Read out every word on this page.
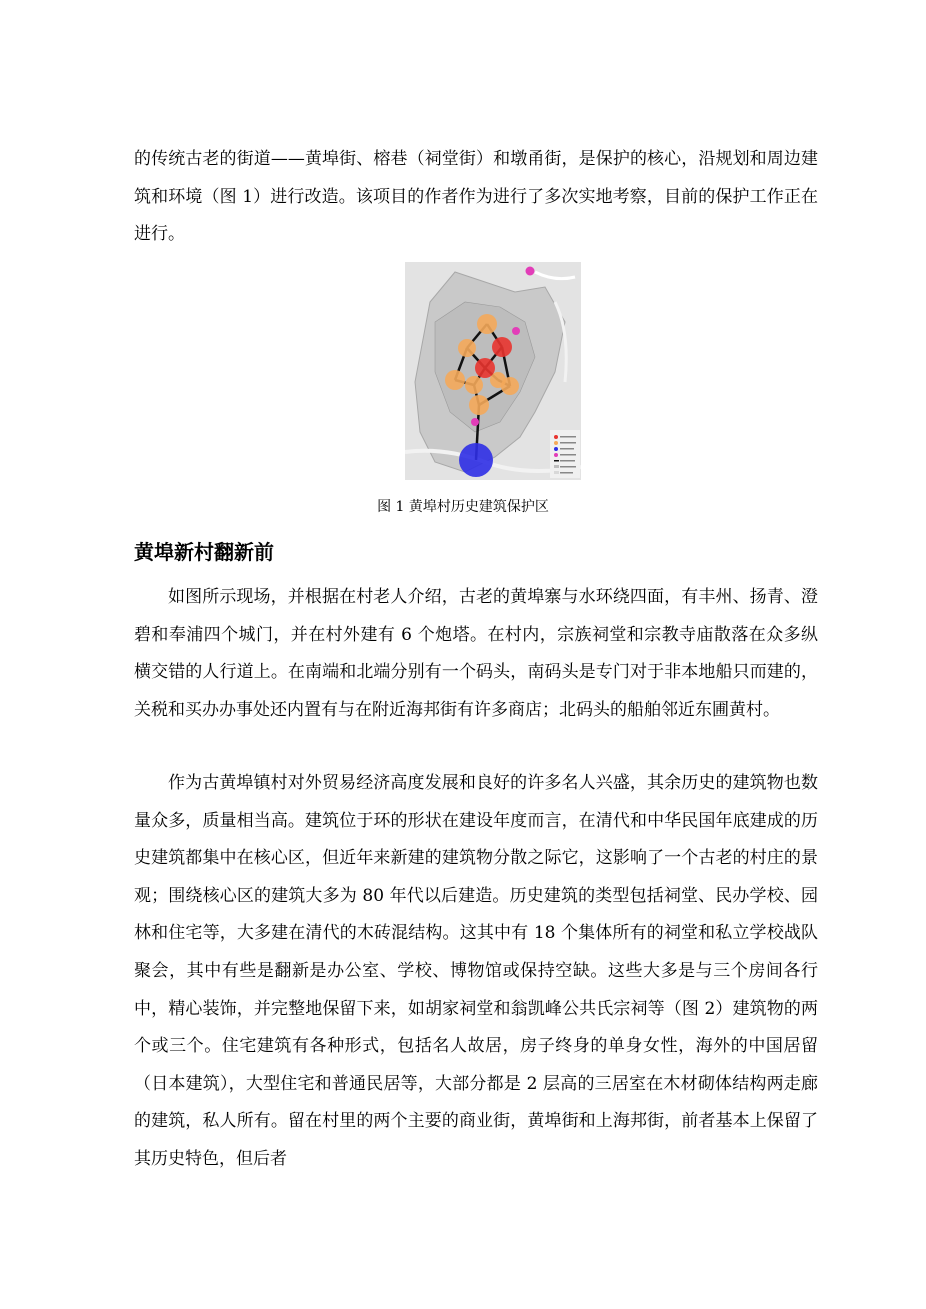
的传统古老的街道——黄埠街、榕巷（祠堂街）和墩甬街，是保护的核心，沿规划和周边建筑和环境（图 1）进行改造。该项目的作者作为进行了多次实地考察，目前的保护工作正在进行。

图 1 黄埠村历史建筑保护区
黄埠新村翻新前

如图所示现场，并根据在村老人介绍，古老的黄埠寨与水环绕四面，有丰州、扬青、澄碧和奉浦四个城门，并在村外建有 6 个炮塔。在村内，宗族祠堂和宗教寺庙散落在众多纵横交错的人行道上。在南端和北端分别有一个码头，南码头是专门对于非本地船只而建的，关税和买办办事处还内置有与在附近海邦街有许多商店；北码头的船舶邻近东圃黄村。

作为古黄埠镇村对外贸易经济高度发展和良好的许多名人兴盛，其余历史的建筑物也数量众多，质量相当高。建筑位于环的形状在建设年度而言，在清代和中华民国年底建成的历史建筑都集中在核心区，但近年来新建的建筑物分散之际它，这影响了一个古老的村庄的景观；围绕核心区的建筑大多为 80 年代以后建造。历史建筑的类型包括祠堂、民办学校、园林和住宅等，大多建在清代的木砖混结构。这其中有 18 个集体所有的祠堂和私立学校战队聚会，其中有些是翻新是办公室、学校、博物馆或保持空缺。这些大多是与三个房间各行中，精心装饰，并完整地保留下来，如胡家祠堂和翁凯峰公共氏宗祠等（图 2）建筑物的两个或三个。住宅建筑有各种形式，包括名人故居，房子终身的单身女性，海外的中国居留（日本建筑），大型住宅和普通民居等，大部分都是 2 层高的三居室在木材砌体结构两走廊的建筑，私人所有。留在村里的两个主要的商业街，黄埠街和上海邦街，前者基本上保留了其历史特色，但后者
